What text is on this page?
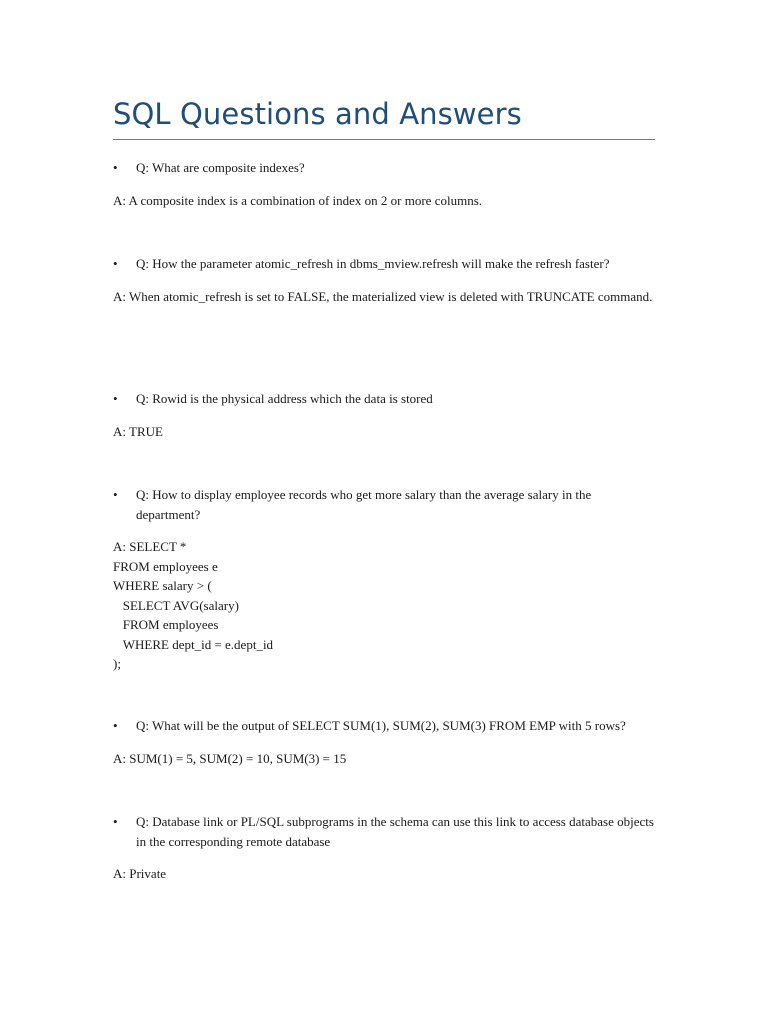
SQL Questions and Answers

• Q: What are composite indexes?

A: A composite index is a combination of index on 2 or more columns.

• Q: How the parameter atomic_refresh in dbms_mview.refresh will make the refresh faster?

A: When atomic_refresh is set to FALSE, the materialized view is deleted with TRUNCATE command.

• Q: Rowid is the physical address which the data is stored

A: TRUE

• Q: How to display employee records who get more salary than the average salary in the department?

A: SELECT *
FROM employees e
WHERE salary > (
SELECT AVG(salary)
FROM employees
WHERE dept_id = e.dept_id
);

• Q: What will be the output of SELECT SUM(1), SUM(2), SUM(3) FROM EMP with 5 rows?

A: SUM(1) = 5, SUM(2) = 10, SUM(3) = 15

• Q: Database link or PL/SQL subprograms in the schema can use this link to access database objects in the corresponding remote database

A: Private
